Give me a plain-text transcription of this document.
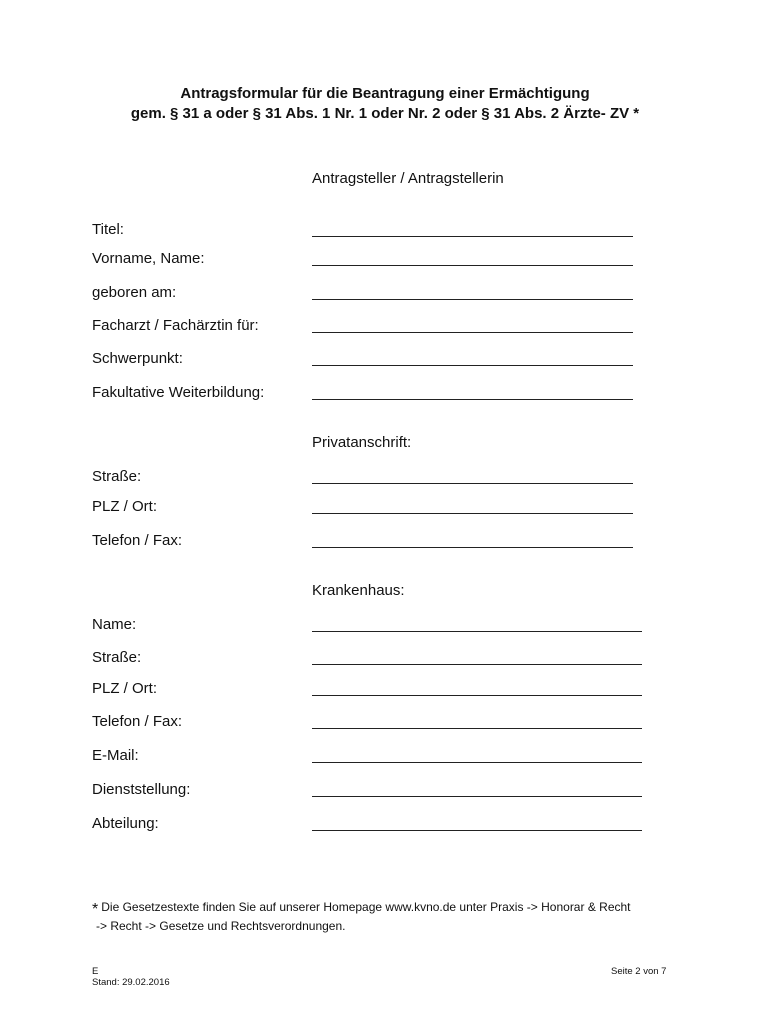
Antragsformular für die Beantragung einer Ermächtigung
gem. § 31 a oder § 31 Abs. 1 Nr. 1 oder Nr. 2 oder § 31 Abs. 2 Ärzte- ZV *
Antragsteller / Antragstellerin
Titel:
Vorname, Name:
geboren am:
Facharzt / Fachärztin für:
Schwerpunkt:
Fakultative Weiterbildung:
Privatanschrift:
Straße:
PLZ / Ort:
Telefon / Fax:
Krankenhaus:
Name:
Straße:
PLZ / Ort:
Telefon / Fax:
E-Mail:
Dienststellung:
Abteilung:
* Die Gesetzestexte finden Sie auf unserer Homepage www.kvno.de unter Praxis -> Honorar & Recht
-> Recht -> Gesetze und Rechtsverordnungen.
E
Stand: 29.02.2016
Seite 2 von 7
